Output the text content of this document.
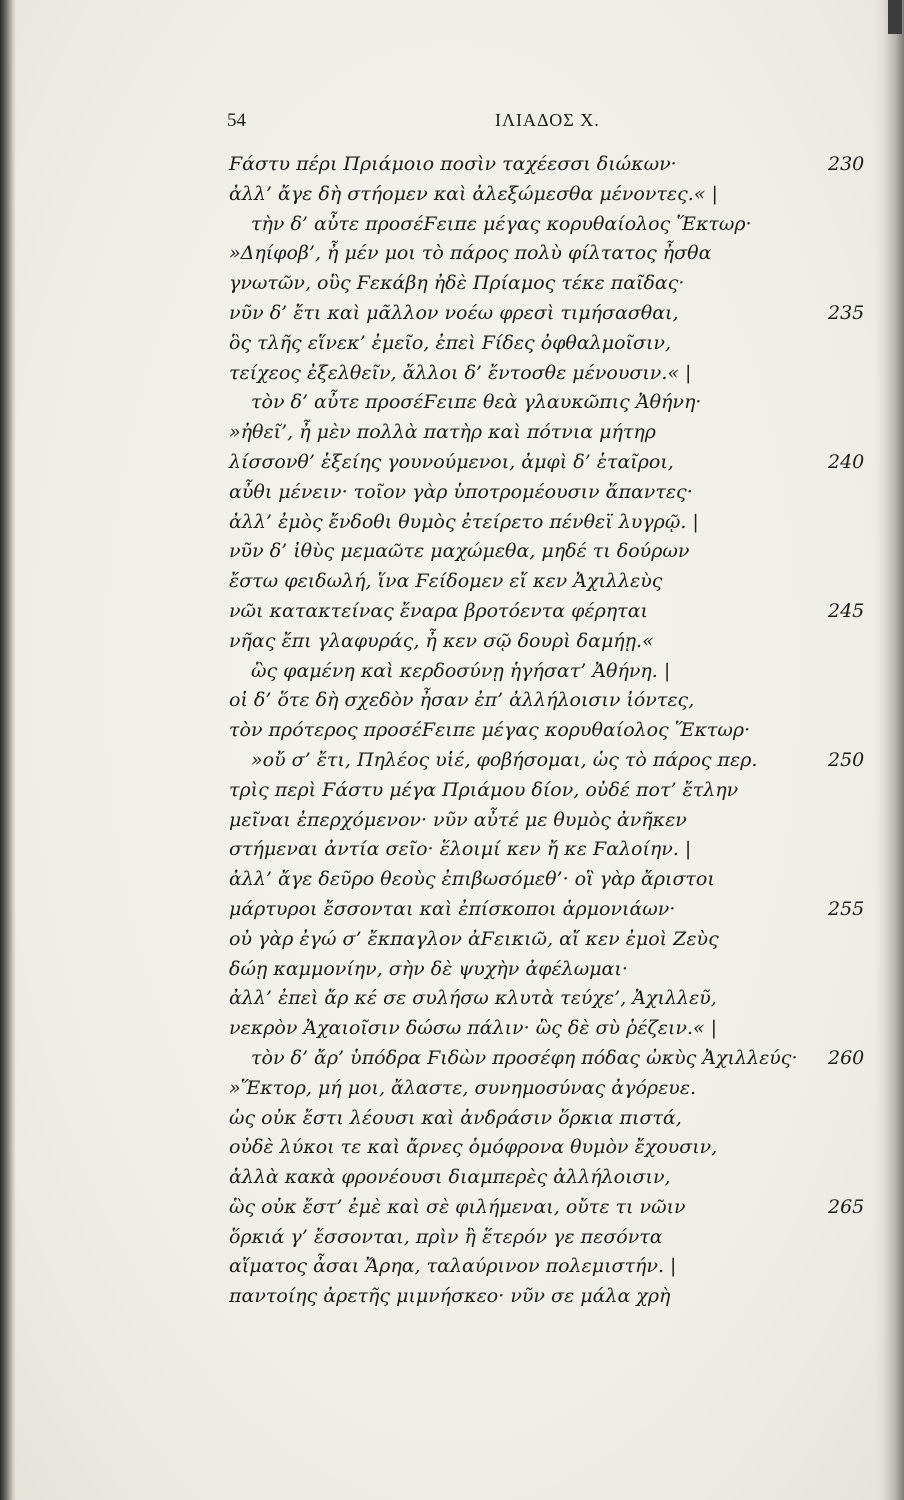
54	ΙΛΙΑΔΟΣ X.
Ϝάστυ πέρι Πριάμοιο ποσὶν ταχέεσσι διώκων·	230
ἀλλ’ ἄγε δὴ στήομεν καὶ ἀλεξώμεσθα μένοντες.« |
τὴν δ’ αὖτε προσέϜειπε μέγας κορυθαίολος Ἕκτωρ·
»Δηίφοβ’, ἦ μέν μοι τὸ πάρος πολὺ φίλτατος ἦσθα
γνωτῶν, οὓς Ϝεκάβη ἠδὲ Πρίαμος τέκε παῖδας·
νῦν δ’ ἔτι καὶ μᾶλλον νοέω φρεσὶ τιμήσασθαι,	235
ὃς τλῆς εἵνεκ’ ἐμεῖο, ἐπεὶ Ϝίδες ὀφθαλμοῖσιν,
τείχεος ἐξελθεῖν, ἄλλοι δ’ ἔντοσθε μένουσιν.« |
τὸν δ’ αὖτε προσέϜειπε θεὰ γλαυκῶπις Ἀθήνη·
»ἠθεῖ’, ἦ μὲν πολλὰ πατὴρ καὶ πότνια μήτηρ
λίσσονθ’ ἑξείης γουνούμενοι, ἀμφὶ δ’ ἑταῖροι,	240
αὖθι μένειν· τοῖον γὰρ ὑποτρομέουσιν ἅπαντες·
ἀλλ’ ἐμὸς ἔνδοθι θυμὸς ἐτείρετο πένθεϊ λυγρῷ. |
νῦν δ’ ἰθὺς μεμαῶτε μαχώμεθα, μηδέ τι δούρων
ἔστω φειδωλή, ἵνα Ϝείδομεν εἴ κεν Ἀχιλλεὺς
νῶι κατακτείνας ἔναρα βροτόεντα φέρηται	245
νῆας ἔπι γλαφυράς, ἦ κεν σῷ δουρὶ δαμήῃ.«
ὣς φαμένη καὶ κερδοσύνῃ ἡγήσατ’ Ἀθήνη. |
οἱ δ’ ὅτε δὴ σχεδὸν ἦσαν ἐπ’ ἀλλήλοισιν ἰόντες,
τὸν πρότερος προσέϜειπε μέγας κορυθαίολος Ἕκτωρ·
»οὔ σ’ ἔτι, Πηλέος υἱέ, φοβήσομαι, ὡς τὸ πάρος περ.	250
τρὶς περὶ Ϝάστυ μέγα Πριάμου δίον, οὐδέ ποτ’ ἔτλην
μεῖναι ἐπερχόμενον· νῦν αὖτέ με θυμὸς ἀνῆκεν
στήμεναι ἀντία σεῖο· ἕλοιμί κεν ἤ κε Ϝαλοίην. |
ἀλλ’ ἄγε δεῦρο θεοὺς ἐπιβωσόμεθ’· οἳ γὰρ ἄριστοι
μάρτυροι ἔσσονται καὶ ἐπίσκοποι ἁρμονιάων·	255
οὐ γὰρ ἐγώ σ’ ἔκπαγλον ἀϜεικιῶ, αἴ κεν ἐμοὶ Ζεὺς
δώῃ καμμονίην, σὴν δὲ ψυχὴν ἀφέλωμαι·
ἀλλ’ ἐπεὶ ἄρ κέ σε συλήσω κλυτὰ τεύχε’, Ἀχιλλεῦ,
νεκρὸν Ἀχαιοῖσιν δώσω πάλιν· ὣς δὲ σὺ ῥέζειν.« |
τὸν δ’ ἄρ’ ὑπόδρα Ϝιδὼν προσέφη πόδας ὠκὺς Ἀχιλλεύς· 260
»Ἕκτορ, μή μοι, ἄλαστε, συνημοσύνας ἀγόρευε.
ὡς οὐκ ἔστι λέουσι καὶ ἀνδράσιν ὅρκια πιστά,
οὐδὲ λύκοι τε καὶ ἄρνες ὁμόφρονα θυμὸν ἔχουσιν,
ἀλλὰ κακὰ φρονέουσι διαμπερὲς ἀλλήλοισιν,
ὣς οὐκ ἔστ’ ἐμὲ καὶ σὲ φιλήμεναι, οὔτε τι νῶιν	265
ὅρκιά γ’ ἔσσονται, πρὶν ἢ ἕτερόν γε πεσόντα
αἵματος ἆσαι Ἄρηα, ταλαύρινον πολεμιστήν. |
παντοίης ἀρετῆς μιμνήσκεο· νῦν σε μάλα χρὴ
